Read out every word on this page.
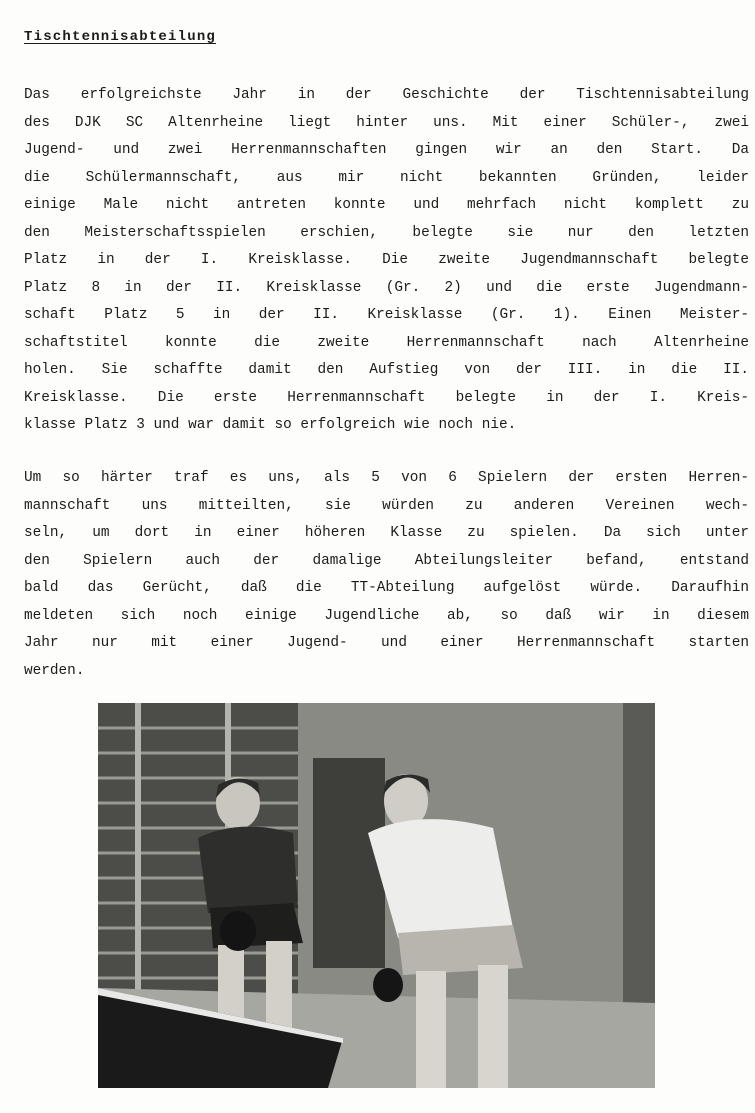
Tischtennisabteilung
Das erfolgreichste Jahr in der Geschichte der Tischtennisabteilung
des DJK SC Altenrheine liegt hinter uns. Mit einer Schüler-, zwei
Jugend- und zwei Herrenmannschaften gingen wir an den Start. Da
die Schülermannschaft, aus mir nicht bekannten Gründen, leider
einige Male nicht antreten konnte und mehrfach nicht komplett zu
den Meisterschaftsspielen erschien, belegte sie nur den letzten
Platz in der I. Kreisklasse. Die zweite Jugendmannschaft belegte
Platz 8 in der II. Kreisklasse (Gr. 2) und die erste Jugendmann-
schaft Platz 5 in der II. Kreisklasse (Gr. 1). Einen Meister-
schaftstitel konnte die zweite Herrenmannschaft nach Altenrheine
holen. Sie schaffte damit den Aufstieg von der III. in die II.
Kreisklasse. Die erste Herrenmannschaft belegte in der I. Kreis-
klasse Platz 3 und war damit so erfolgreich wie noch nie.
Um so härter traf es uns, als 5 von 6 Spielern der ersten Herren-
mannschaft uns mitteilten, sie würden zu anderen Vereinen wech-
seln, um dort in einer höheren Klasse zu spielen. Da sich unter
den Spielern auch der damalige Abteilungsleiter befand, entstand
bald das Gerücht, daß die TT-Abteilung aufgelöst würde. Daraufhin
meldeten sich noch einige Jugendliche ab, so daß wir in diesem
Jahr nur mit einer Jugend- und einer Herrenmannschaft starten
werden.
